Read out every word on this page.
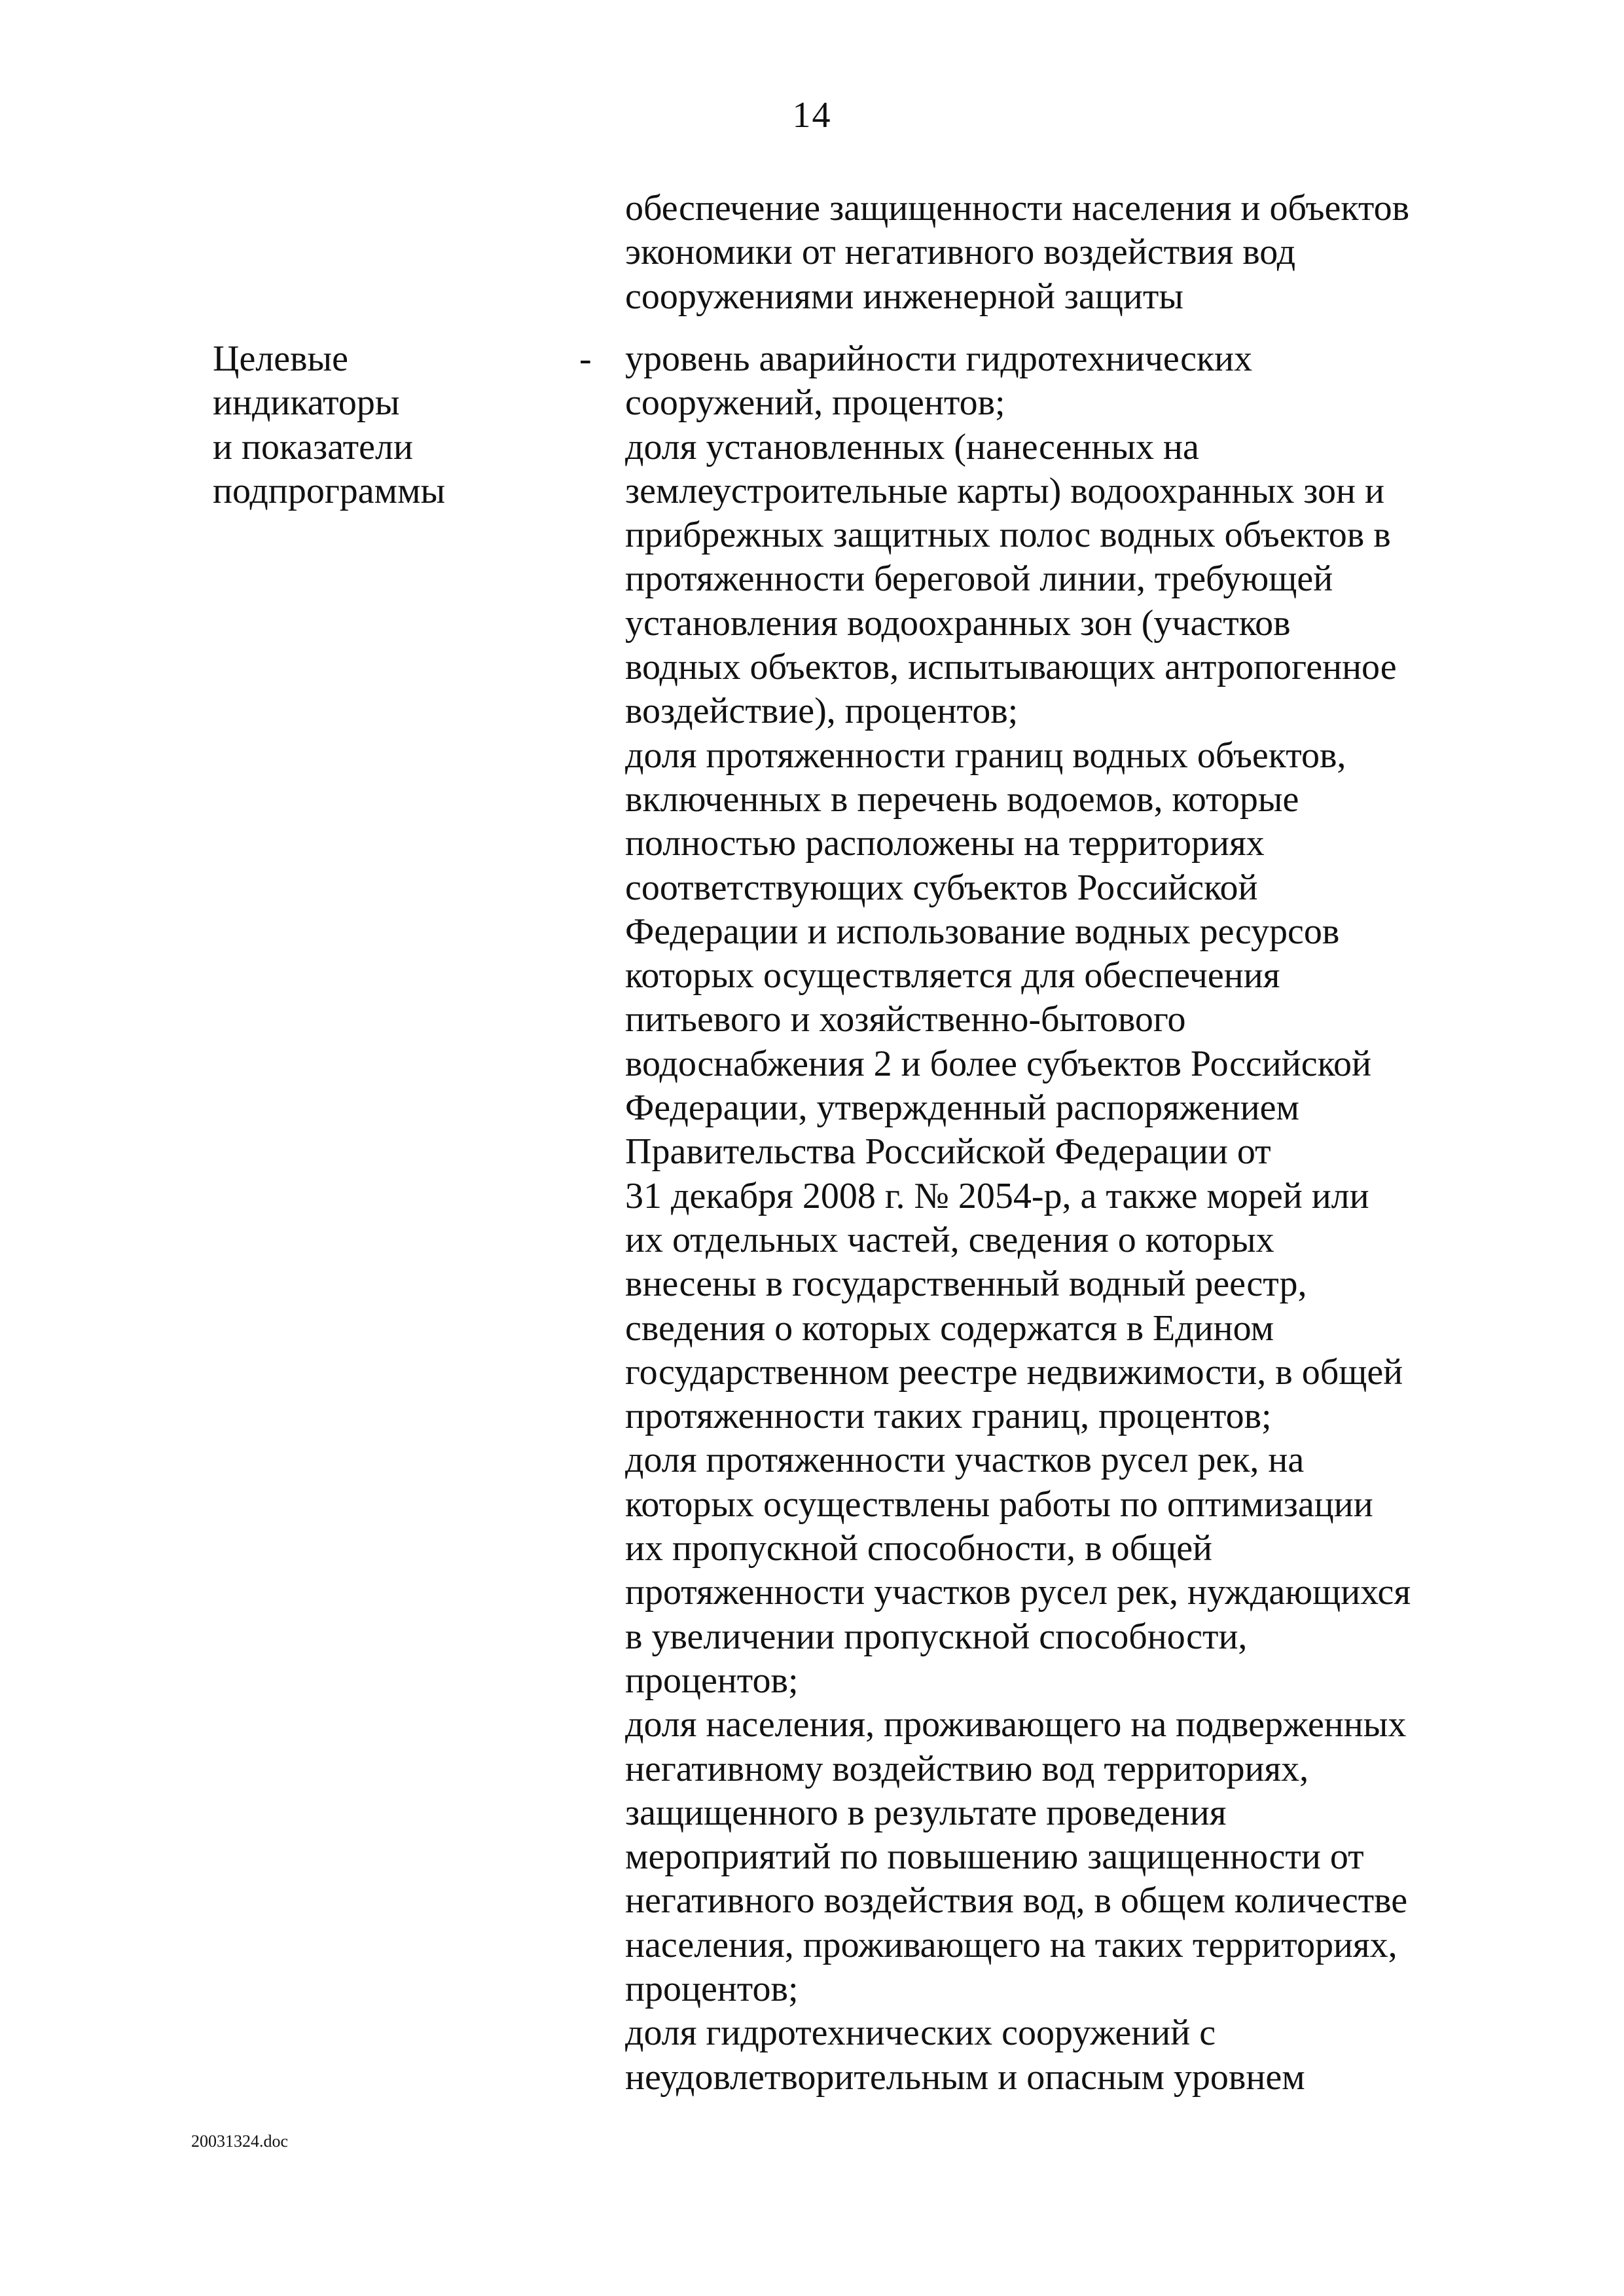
14
обеспечение защищенности населения и объектов
экономики от негативного воздействия вод
сооружениями инженерной защиты
Целевые
индикаторы
и показатели
подпрограммы
- уровень аварийности гидротехнических
сооружений, процентов;
доля установленных (нанесенных на
землеустроительные карты) водоохранных зон и
прибрежных защитных полос водных объектов в
протяженности береговой линии, требующей
установления водоохранных зон (участков
водных объектов, испытывающих антропогенное
воздействие), процентов;
доля протяженности границ водных объектов,
включенных в перечень водоемов, которые
полностью расположены на территориях
соответствующих субъектов Российской
Федерации и использование водных ресурсов
которых осуществляется для обеспечения
питьевого и хозяйственно-бытового
водоснабжения 2 и более субъектов Российской
Федерации, утвержденный распоряжением
Правительства Российской Федерации от
31 декабря 2008 г. № 2054-р, а также морей или
их отдельных частей, сведения о которых
внесены в государственный водный реестр,
сведения о которых содержатся в Едином
государственном реестре недвижимости, в общей
протяженности таких границ, процентов;
доля протяженности участков русел рек, на
которых осуществлены работы по оптимизации
их пропускной способности, в общей
протяженности участков русел рек, нуждающихся
в увеличении пропускной способности,
процентов;
доля населения, проживающего на подверженных
негативному воздействию вод территориях,
защищенного в результате проведения
мероприятий по повышению защищенности от
негативного воздействия вод, в общем количестве
населения, проживающего на таких территориях,
процентов;
доля гидротехнических сооружений с
неудовлетворительным и опасным уровнем
20031324.doc
